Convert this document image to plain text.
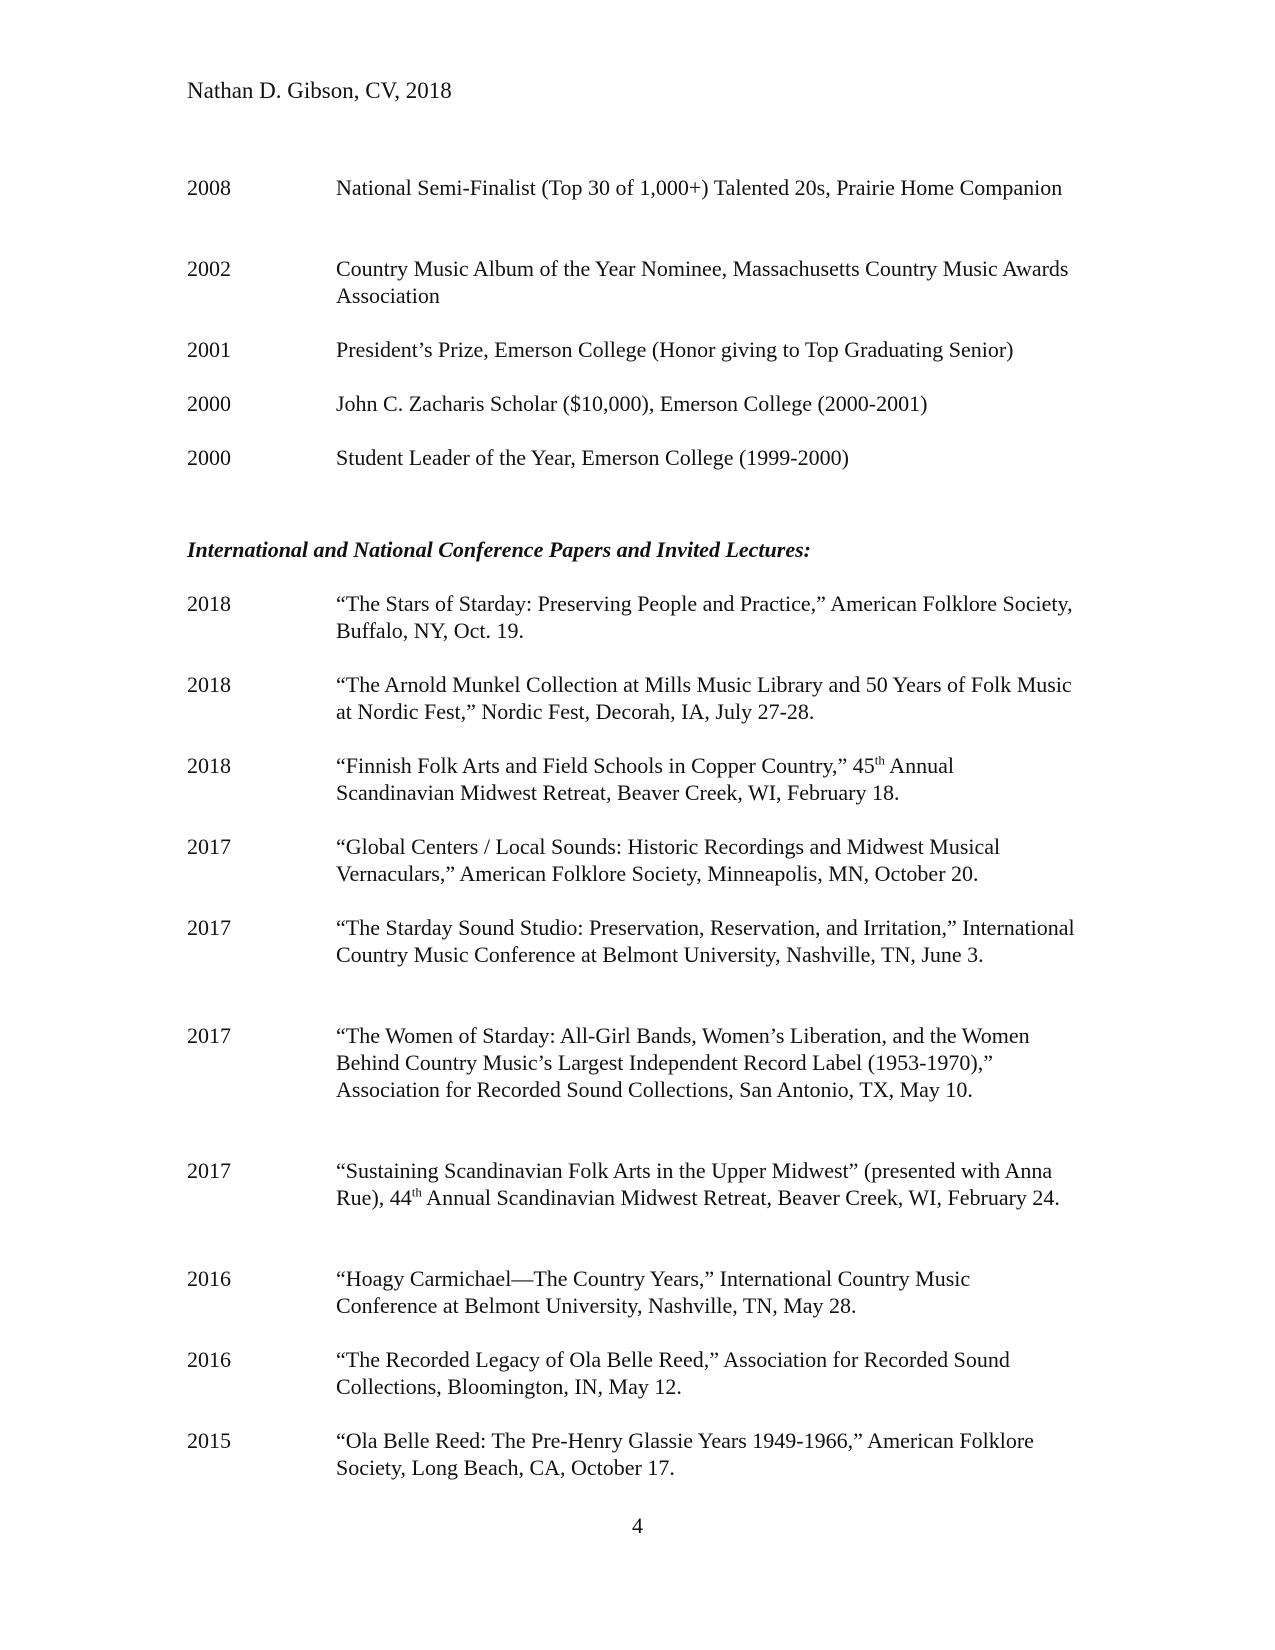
Nathan D. Gibson, CV, 2018
2008	National Semi-Finalist (Top 30 of 1,000+) Talented 20s, Prairie Home Companion
2002	Country Music Album of the Year Nominee, Massachusetts Country Music Awards Association
2001	President’s Prize, Emerson College (Honor giving to Top Graduating Senior)
2000	John C. Zacharis Scholar ($10,000), Emerson College (2000-2001)
2000	Student Leader of the Year, Emerson College (1999-2000)
International and National Conference Papers and Invited Lectures:
2018	“The Stars of Starday: Preserving People and Practice,” American Folklore Society, Buffalo, NY, Oct. 19.
2018	“The Arnold Munkel Collection at Mills Music Library and 50 Years of Folk Music at Nordic Fest,” Nordic Fest, Decorah, IA, July 27-28.
2018	“Finnish Folk Arts and Field Schools in Copper Country,” 45th Annual Scandinavian Midwest Retreat, Beaver Creek, WI, February 18.
2017	“Global Centers / Local Sounds: Historic Recordings and Midwest Musical Vernaculars,” American Folklore Society, Minneapolis, MN, October 20.
2017	“The Starday Sound Studio: Preservation, Reservation, and Irritation,” International Country Music Conference at Belmont University, Nashville, TN, June 3.
2017	“The Women of Starday: All-Girl Bands, Women’s Liberation, and the Women Behind Country Music’s Largest Independent Record Label (1953-1970),” Association for Recorded Sound Collections, San Antonio, TX, May 10.
2017	“Sustaining Scandinavian Folk Arts in the Upper Midwest” (presented with Anna Rue), 44th Annual Scandinavian Midwest Retreat, Beaver Creek, WI, February 24.
2016	“Hoagy Carmichael—The Country Years,” International Country Music Conference at Belmont University, Nashville, TN, May 28.
2016	“The Recorded Legacy of Ola Belle Reed,” Association for Recorded Sound Collections, Bloomington, IN, May 12.
2015	“Ola Belle Reed: The Pre-Henry Glassie Years 1949-1966,” American Folklore Society, Long Beach, CA, October 17.
4
